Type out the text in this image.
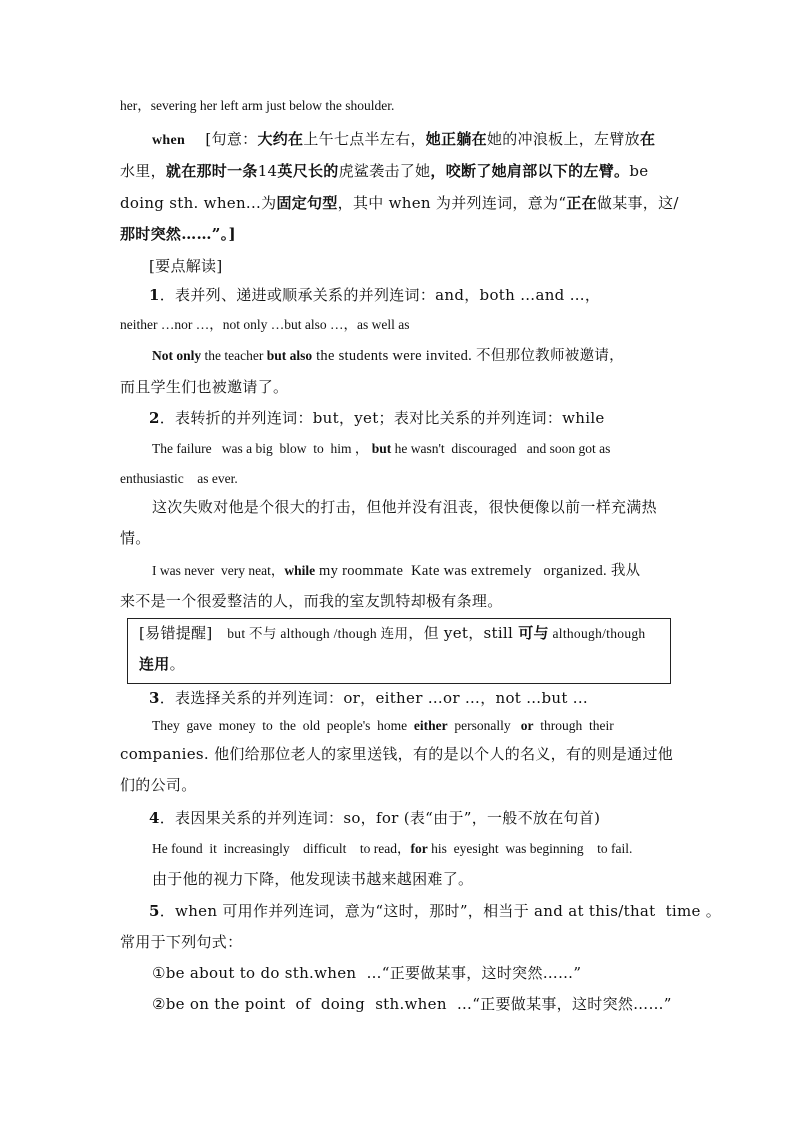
her，severing her left arm just below the shoulder.
when    [句意：大约在上午七点半左右，她正躺在她的冲浪板上，左臂放在
水里，就在那时一条14英尺长的虎鲨袭击了她，咬断了她肩部以下的左臂。be
doing sth. when...为固定句型，其中 when 为并列连词，意为“正在做某事，这/
那时突然……”。]
[要点解读]
1．表并列、递进或顺承关系的并列连词：and，both …and …，
neither …nor …，not only …but also …，as well as
Not only the teacher but also the students were invited. 不但那位教师被邀请，
而且学生们也被邀请了。
2．表转折的并列连词：but，yet；表对比关系的并列连词：while
The failure   was a big  blow  to  him ， but he wasn't  discouraged   and soon got as
enthusiastic    as ever.
这次失败对他是个很大的打击，但他并没有沮丧，很快便像以前一样充满热
情。
I was never  very neat，while my roommate  Kate was extremely   organized. 我从
来不是一个很爱整洁的人，而我的室友凯特却极有条理。
[易错提醒]    but 不与 although /though 连用，但 yet，still 可与 although/though
连用。
3．表选择关系的并列连词：or，either …or …，not …but ...
They  gave  money  to  the  old  people's  home  either  personally   or  through  their
companies. 他们给那位老人的家里送钱，有的是以个人的名义，有的则是通过他
们的公司。
4．表因果关系的并列连词：so，for (表“由于”，一般不放在句首)
He found  it  increasingly    difficult    to read，for his  eyesight  was beginning    to fail.
由于他的视力下降，他发现读书越来越困难了。
5．when 可用作并列连词，意为“这时，那时”，相当于 and at this/that  time 。
常用于下列句式：
①be about to do sth.when  …“正要做某事，这时突然……”
②be on the point  of  doing  sth.when  …“正要做某事，这时突然……”
